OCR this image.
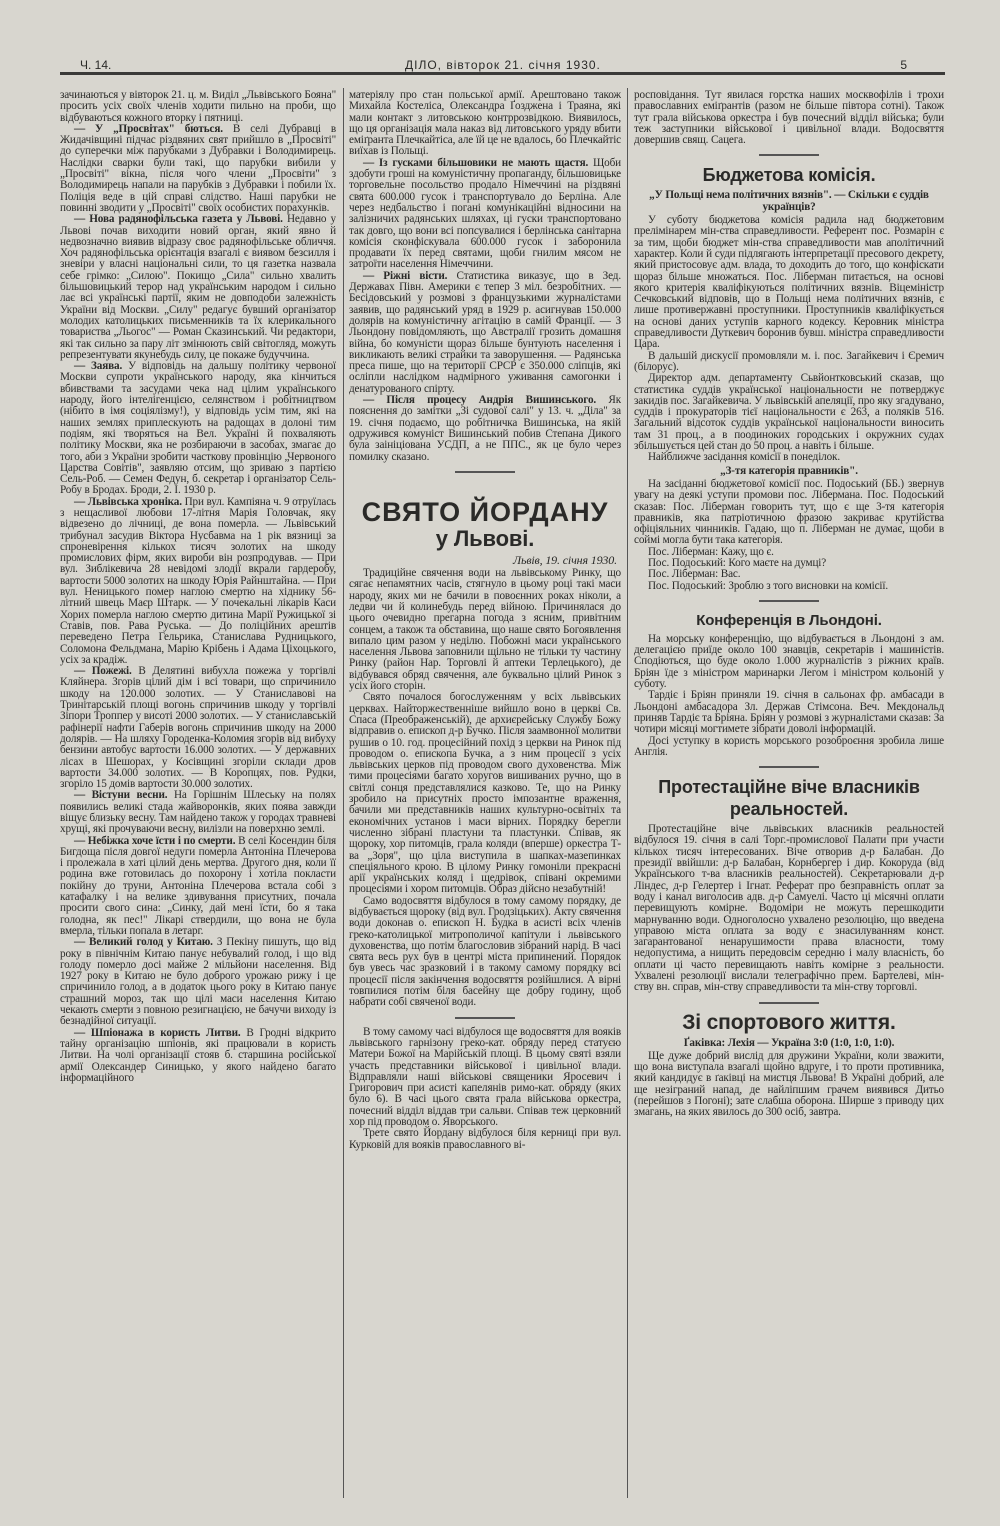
Ч. 14.	ДІЛО, вівторок 21. січня 1930.	5

зачинаються у вівторок 21. ц. м. Виділ „Львівського Бояна" просить усіх своїх членів ходити пильно на проби, що відбуваються кожного вторку і пятниці.

— У „Просвітах" бються. В селі Дубравці в Жидачівщині підчас різдвяних свят прийшло в „Просвіті" до суперечки між парубками з Дубравки і Володимирець. Наслідки сварки були такі, що парубки вибили у „Просвіті" вікна, після чого члени „Просвіти" з Володимирець напали на парубків з Дубравки і побили їх. Поліція веде в цій справі слідство. Наші парубки не повинні зводити у „Просвіті" своїх особистих порахунків.

— Нова радянофільська газета у Львові. Недавно у Львові почав виходити новий орган, який явно й недвозначно виявив відразу своє радянофільське обличчя. Хоч радянофільська орієнтація взагалі є виявом безсилля і зневіри у власні національні сили, то ця газетка назвала себе грімко: „Силою". Покищо „Сила" сильно хвалить більшовицький терор над українським народом і сильно лає всі українські партії, яким не довподоби залежність України від Москви. „Силу" редагує бувший організатор молодих католицьких письменників та їх клерикального товариства „Льогос" — Роман Сказинський. Чи редактори, які так сильно за пару літ змінюють свій світогляд, можуть репрезентувати якунебудь силу, це покаже будуччина.

— Заява. У відповідь на дальшу політику червоної Москви супроти українського народу, яка кінчиться вбивствами та засудами чека над цілим українського народу, його інтелігенцією, селянством і робітництвом (нібито в імя соціялізму!), у відповідь усім тим, які на наших землях приплескують на радощах в долоні тим подіям, які творяться на Вел. Україні й похваляють політику Москви, яка не розбираючи в засобах, змагає до того, аби з України зробити часткову провінцію „Червоного Царства Совітів", заявляю отсим, що зриваю з партією Сель-Роб. — Семен Федун, б. секретар і організатор Сель-Робу в Бродах. Броди, 2. I. 1930 р.

— Львівська хроніка. При вул. Кампіяна ч. 9 отруїлась з нещасливої любови 17-літня Марія Головчак, яку відвезено до лічниці, де вона померла. — Львівський трибунал засудив Віктора Нусбавма на 1 рік вязниці за спроневірення кількох тисяч золотих на шкоду промислових фірм, яких вироби він розпродував. — При вул. Зиблікевича 28 невідомі злодії вкрали гардеробу, вартости 5000 золотих на шкоду Юрія Райнштайна. — При вул. Неницького помер наглою смертю на хідникy 56-літний швець Маєр Штарк. — У почекальні лікарів Каси Хорих померла наглою смертю дитина Марії Ружицької зі Ставів, пов. Рава Руська. — До поліційних арештів переведено Петра Гельрика, Станислава Рудницького, Соломона Фельдмана, Марію Крібень і Адама Ціхоцького, усіх за крадіж.

— Пожежі. В Делятині вибухла пожежа у торгівлі Кляйнера. Згорів цілий дім і всі товари, що спричинило шкоду на 120.000 золотих. — У Станиславові на Тринітарській площі вогонь спричинив шкоду у торгівлі Зіпори Троппер у висоті 2000 золотих. — У станиславській рафінерії нафти Габерів вогонь спричинив шкоду на 2000 долярів. — На шляху Городенка-Коломия згорів від вибуху бензини автобус вартости 16.000 золотих. — У державних лісах в Шешорах, у Косівщині згоріли склади дров вартости 34.000 золотих. — В Коропцях, пов. Рудки, згоріло 15 домів вартости 30.000 золотих.

— Вістуни весни. На Горішнім Шлеську на полях появились великі стада жайворонків, яких поява завжди віщує близьку весну. Там найдено також у городах травневі хрущі, які прочуваючи весну, вилізли на поверхню землі.

— Небіжка хоче їсти і по смерти. В селі Косендин біля Бигдоща після довгої недуги померла Антоніна Плечерова і пролежала в хаті цілий день мертва. Другого дня, коли її родина вже готовилась до похорону і хотіла покласти покійну до труни, Антоніна Плечерова встала собі з катафалку і на велике здивування присутних, почала просити свого сина: „Синку, дай мені їсти, бо я така голодна, як пес!" Лікарі ствердили, що вона не була вмерла, тільки попала в летарг.

— Великий голод у Китаю. З Пекіну пишуть, що від року в північнім Китаю панує небувалий голод, і що від голоду померло досі майже 2 мільйони населення. Від 1927 року в Китаю не було доброго урожаю рижу і це спричинило голод, а в додаток цього року в Китаю панує страшний мороз, так що цілі маси населення Китаю чекають смерти з повною резигнацією, не бачучи виходу із безнадійної ситуації.

— Шпіонажа в користь Литви. В Гродні відкрито тайну організацію шпіонів, які працювали в користь Литви. На чолі організації стояв б. старшина російської армії Олександер Синицько, у якого найдено багато інформаційного

матеріялу про стан польської армії. Арештовано також Михайла Костеліса, Олександра Ґозджена і Траяна, які мали контакт з литовською контррозвідкою. Виявилось, що ця організація мала наказ від литовського уряду вбити еміґранта Плечкайтіса, але їй це не вдалось, бо Плечкайтіс виїхав із Польщі.

— Із гусками більшовики не мають щастя. Щоби здобути гроші на комуністичну пропаганду, більшовицьке торговельне посольство продало Німеччині на різдвяні свята 600.000 гусок і транспортувало до Берліна. Але через недбальство і погані комунікаційні відносини на залізничих радянських шляхах, ці гуски транспортовано так довго, що вони всі попсувалися і берлінська санітарна комісія сконфіскувала 600.000 гусок і заборонила продавати їх перед святами, щоби гнилим мясом не затроїти населення Німеччини.

— Ріжні вісти. Статистика виказує, що в Зед. Державах Півн. Америки є тепер 3 міл. безробітних. — Бесідовський у розмові з французькими журналістами заявив, що радянський уряд в 1929 р. асигнував 150.000 долярів на комуністичну агітацію в самій Франції. — З Льондону повідомляють, що Австралії грозить домашня війна, бо комуністи щораз більше бунтують населення і викликають великі страйки та заворушення. — Радянська преса пише, що на території СРСР є 350.000 сліпців, які осліпли наслідком надмірного уживання самогонки і денатурованого спірту.

— Після процесу Андрія Вишинського. Як пояснення до замітки „Зі судової салі" у 13. ч. „Діла" за 19. січня подаємо, що робітничка Вишинська, на якій одружився комуніст Вишинський побив Степана Дикого була заініціована УСДП, а не ППС., як це було через помилку сказано.

СВЯТО ЙОРДАНУ

у Львові.

Львів, 19. січня 1930.

Традиційне свячення води на львівському Ринку, що сягає непамятних часів, стягнуло в цьому році такі маси народу, яких ми не бачили в повоєнних роках ніколи, а ледви чи й колинебудь перед війною. Причинялася до цього очевидно прегарна погода з ясним, привітним сонцем, а також та обставина, що наше свято Богоявлення випало цим разом у неділю. Побожні маси українського населення Львова заповнили щільно не тільки ту частину Ринку (район Нар. Торговлі й аптеки Терлецького), де відбувався обряд свячення, але буквально цілий Ринок з усіх його сторін.

Свято почалося богослуженням у всіх львівських церквах. Найторжественніше вийшло воно в церкві Св. Спаса (Преображенській), де архиєрейську Службу Божу відправив о. епископ д-р Бучко. Після заамвонної молитви рушив о 10. год. процесійний похід з церкви на Ринок під проводом о. епископа Бучка, а з ним процесії з усіх львівських церков під проводом свого духовенства. Між тими процесіями багато хоругов вишиваних ручно, що в світлі сонця представлялися казково. Те, що на Ринку зробило на присутніх просто імпозантне враження, бачили ми представників наших культурно-освітніх та економічних установ і маси вірних. Порядку берегли численно зібрані пластуни та пластунки. Співав, як щороку, хор питомців, грала коляди (вперше) оркестра Т-ва „Зоря", що ціла виступила в шапках-мазепинках спеціяльного крою. В цілому Ринку гомоніли прекрасні арії українських коляд і щедрівок, співані окремими процесіями і хором питомців. Образ дійсно незабутній!

Само водосвяття відбулося в тому самому порядку, де відбувається щороку (від вул. Гродзіцьких). Акту свячення води доконав о. епископ Н. Будка в асисті всіх членів греко-католицької митрополичої капітули і львівського духовенства, що потім благословив зібраний нарід. В часі свята весь рух був в центрі міста припинений. Порядок був увесь час зразковий і в такому самому порядку всі процесії після закінчення водосвяття розійшлися. А вірні товпилися потім біля басейну ще добру годину, щоб набрати собі свяченої води.

В тому самому часі відбулося ще водосвяття для вояків львівського гарнізону греко-кат. обряду перед статуєю Матери Божої на Марійській площі. В цьому святі взяли участь представники військової і цивільної влади. Відправляли наші військові священики Яросевич і Григорович при асисті капелянів римо-кат. обряду (яких було 6). В часі цього свята грала військова оркестра, почесний відділ віддав три сальви. Співав теж церковний хор під проводом о. Яворського.

Трете свято Йордану відбулося біля керниці при вул. Курковій для вояків православного ві-

росповідання. Тут явилася горстка наших москвофілів і трохи православних еміґрантів (разом не більше півтора сотні). Також тут грала військова оркестра і був почесний відділ війська; були теж заступники військової і цивільної влади. Водосвяття довершив свящ. Сацега.

Бюджетова комісія.

„У Польщі нема політичних вязнів". — Скільки є суддів українців?

У суботу бюджетова комісія радила над бюджетовим прелімінарем мін-ства справедливости. Референт пос. Розмарін є за тим, щоби бюджет мін-ства справедливости мав аполітичний характер. Коли й суди підлягають інтерпретації пресового декрету, який пристосовує адм. влада, то доходить до того, що конфіскати щораз більше множаться. Пос. Ліберман питається, на основі якого критерія кваліфікуються політичних вязнів. Віцеміністр Сечковський відповів, що в Польщі нема політичних вязнів, є лише противержавні проступники. Проступників кваліфікується на основі даних уступів карного кодексу. Керовник міністра справедливости Дуткевич боронив бувш. міністра справедливости Цара.

В дальшій дискусії промовляли м. і. пос. Загайкевич і Єремич (білорус).

Директор адм. департаменту Сьвйонтковський сказав, що статистика суддів української національности не потверджує закидів пос. Загайкевича. У львівській апеляції, про яку згадувано, суддів і прокураторів тієї національности є 263, а поляків 516. Загальний відсоток суддів української національности виносить там 31 проц., а в поодиноких городських і окружних судах збільшується цей стан до 50 проц. а навіть і більше.

Найближче засідання комісії в понеділок.

„З-тя категорія правників".

На засіданні бюджетової комісії пос. Подоський (ББ.) звернув увагу на деякі уступи промови пос. Лібермана. Пос. Подоський сказав: Пос. Ліберман говорить тут, що є ще 3-тя категорія правників, яка патріотичною фразою закриває крутійства офіціяльних чинників. Гадаю, що п. Ліберман не думає, щоби в соймі могла бути така категорія.

Пос. Ліберман: Кажу, що є.

Пос. Подоський: Кого маєте на думці?

Пос. Ліберман: Вас.

Пос. Подоський: Зроблю з того висновки на комісії.

Конференція в Льондоні.

На морську конференцію, що відбувається в Льондоні з ам. делегацією приїде около 100 знавців, секретарів і машиністів. Сподіються, що буде около 1.000 журналістів з ріжних країв. Бріян їде з міністром маринарки Легом і міністром кольоній у суботу.

Тардіє і Бріян приняли 19. січня в сальонах фр. амбасади в Льондоні амбасадора Зл. Держав Стімсона. Веч. Мекдональд приняв Тардіє та Бріяна. Бріян у розмові з журналістами сказав: За чотири місяці могтимете зібрати доволі інформацій.

Досі уступку в користь морського розоброєння зробила лише Англія.

Протестаційне віче власників реальностей.

Протестаційне віче львівських власників реальностей відбулося 19. січня в салі Торг.-промислової Палати при участи кількох тисяч інтересованих. Віче отворив д-р Балабан. До президії ввійшли: д-р Балабан, Корнбергер і дир. Кокоруда (від Українського т-ва власників реальностей). Секретарювали д-р Ліндес, д-р Гелертер і Ігнат. Реферат про безправність оплат за воду і канал виголосив адв. д-р Самуелі. Часто ці місячні оплати перевищують комірне. Водоміри не можуть перешкодити марнуванню води. Одноголосно ухвалено резолюцію, що введена управою міста оплата за воду є знасилуванням конст. загарантованої ненарушимости права власности, тому недопустима, а нищить передовсім середню і малу власність, бо оплати ці часто перевищають навіть комірне з реальности. Ухвалені резолюції вислали телеграфічно прем. Бартелеві, мін-ству вн. справ, мін-ству справедливости та мін-ству торговлі.

Зі спортового життя.

Ґаківка: Лехія — Україна 3:0 (1:0, 1:0, 1:0).

Ще дуже добрий вислід для дружини України, коли зважити, що вона виступала взагалі щойно вдруге, і то проти противника, який кандидує в ґаківці на мистця Львова! В Україні добрий, але ще незіграний напад, де найліпшим грачем виявився Дитьо (перейшов з Погоні); зате слабша оборона. Ширше з приводу цих змагань, на яких явилось до 300 осіб, завтра.
